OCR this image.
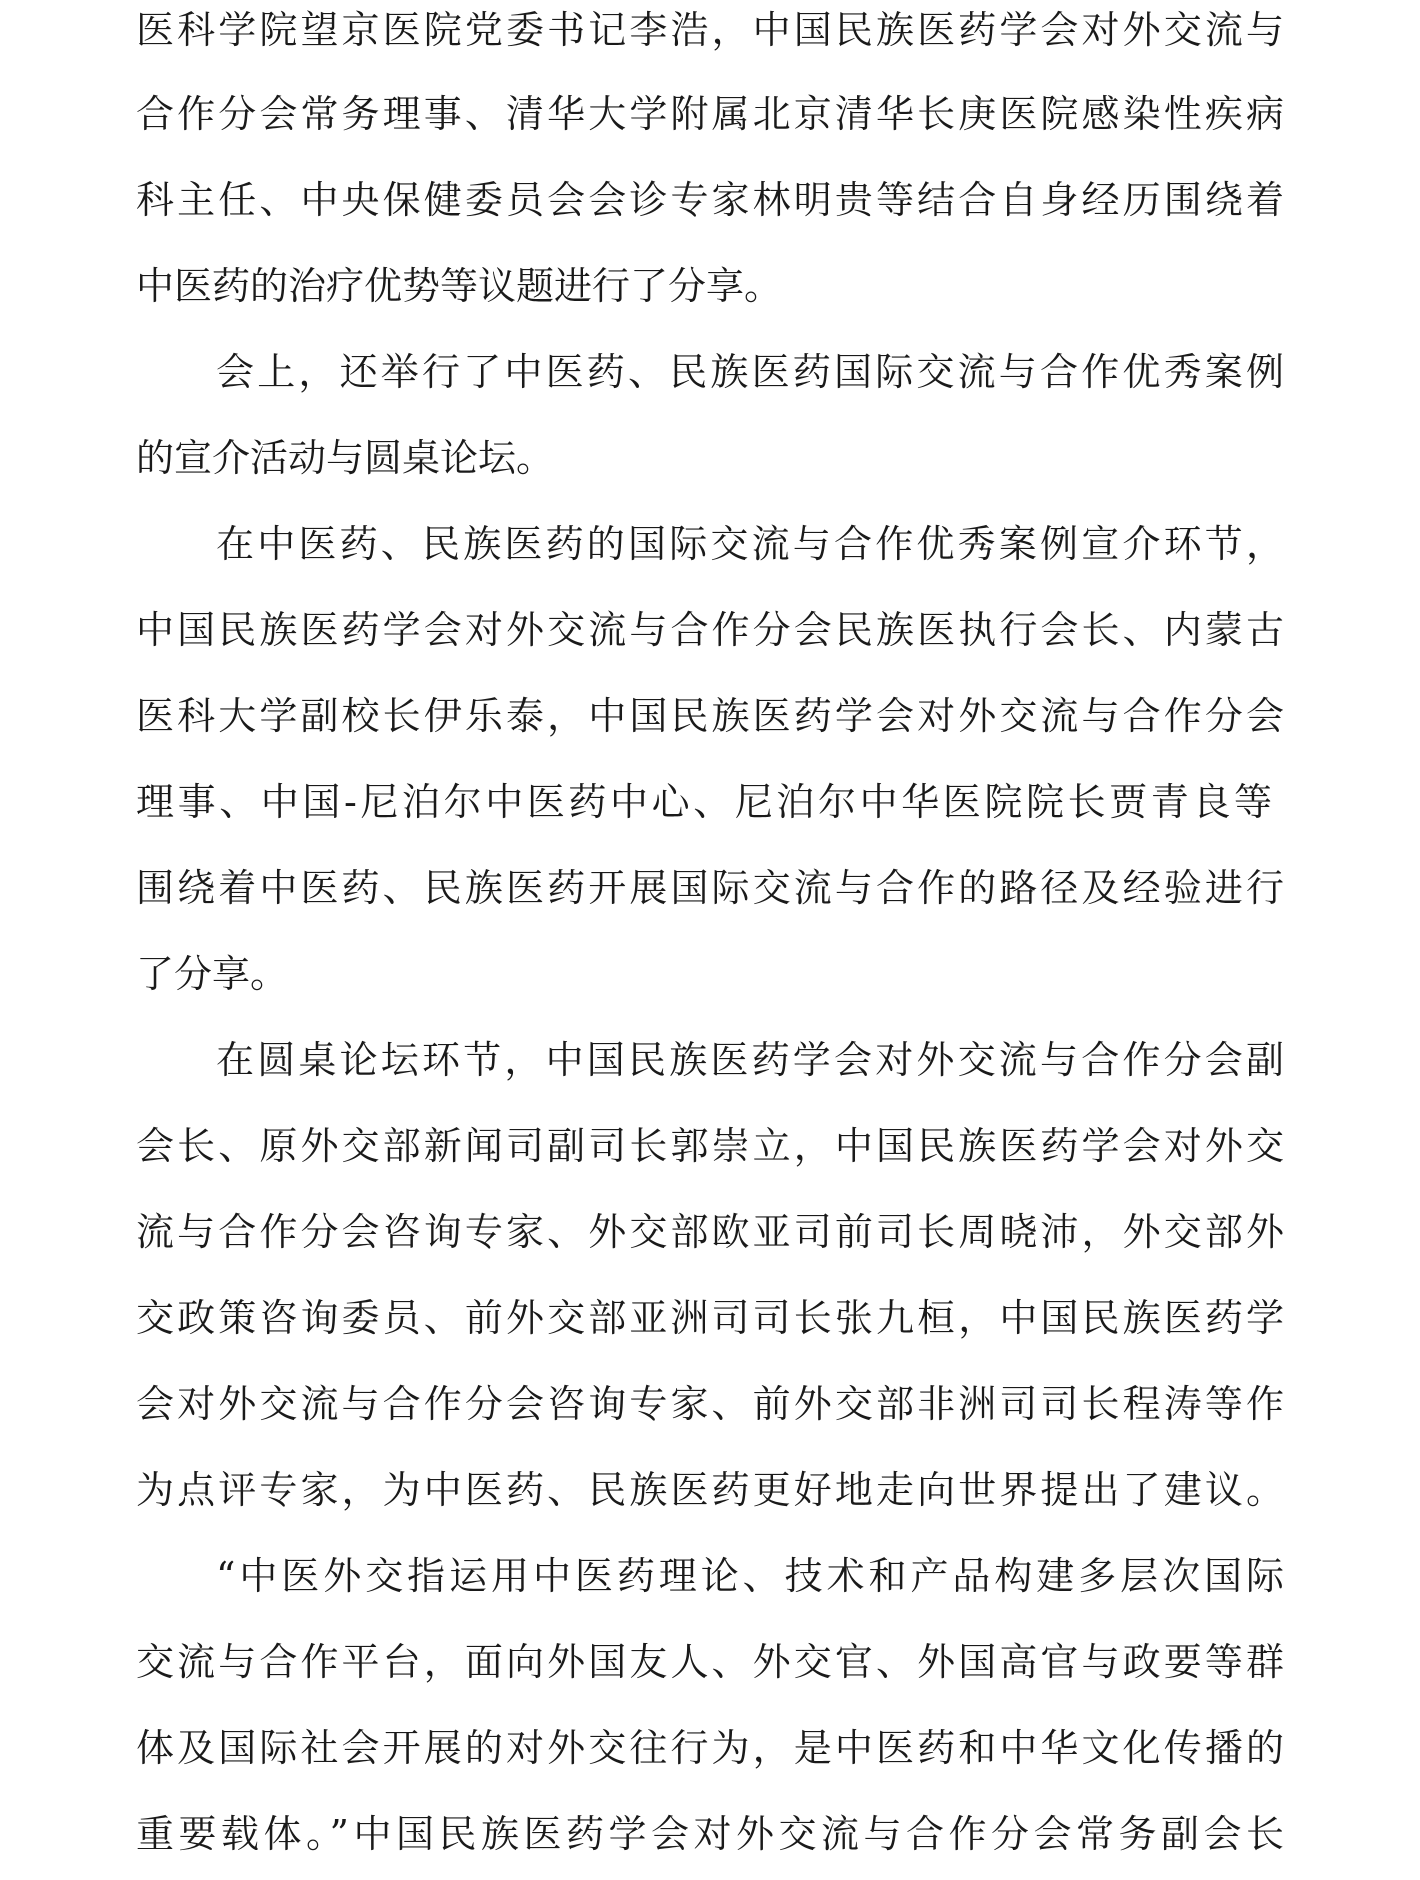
医科学院望京医院党委书记李浩，中国民族医药学会对外交流与

合作分会常务理事、清华大学附属北京清华长庚医院感染性疾病

科主任、中央保健委员会会诊专家林明贵等结合自身经历围绕着

中医药的治疗优势等议题进行了分享。

会上，还举行了中医药、民族医药国际交流与合作优秀案例

的宣介活动与圆桌论坛。

在中医药、民族医药的国际交流与合作优秀案例宣介环节，

中国民族医药学会对外交流与合作分会民族医执行会长、内蒙古

医科大学副校长伊乐泰，中国民族医药学会对外交流与合作分会

理事、中国-尼泊尔中医药中心、尼泊尔中华医院院长贾青良等

围绕着中医药、民族医药开展国际交流与合作的路径及经验进行

了分享。

在圆桌论坛环节，中国民族医药学会对外交流与合作分会副

会长、原外交部新闻司副司长郭崇立，中国民族医药学会对外交

流与合作分会咨询专家、外交部欧亚司前司长周晓沛，外交部外

交政策咨询委员、前外交部亚洲司司长张九桓，中国民族医药学

会对外交流与合作分会咨询专家、前外交部非洲司司长程涛等作

为点评专家，为中医药、民族医药更好地走向世界提出了建议。

“中医外交指运用中医药理论、技术和产品构建多层次国际

交流与合作平台，面向外国友人、外交官、外国高官与政要等群

体及国际社会开展的对外交往行为，是中医药和中华文化传播的

重要载体。”中国民族医药学会对外交流与合作分会常务副会长
